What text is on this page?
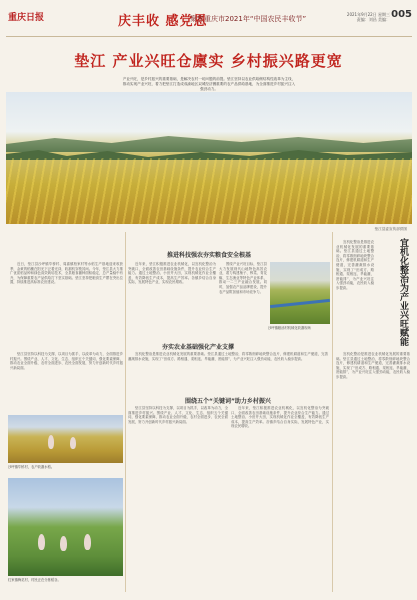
重庆日报	庆丰收 感党恩
聚焦重庆市2021年“中国农民丰收节”
2021年9月22日 星期三
责编：刘昌 美编： 005
垫江 产业兴旺仓廪实 乡村振兴路更宽
产业兴旺，是乡村振兴的重要基础，是解决农村一切问题的前提。垫江坚持以农业供给侧结构性改革为主线，推动实现产业兴旺，着力把垫江打造成成渝地区双城经济圈重要的农产品供给基地，为全面推进乡村振兴注入强劲动力。
垫江县委宣传部供图
推进科技强农夯实粮食安全根基
近日，垫江县沙坪镇毕桥村、周嘉镇柏家村等水稻生产基地迎来收获季，金黄的稻穗在阳光下泛着光泽，收割机穿梭其间。今年，垫江县大力推广优质稻品种和绿色高效栽培技术，全县粮食播种面积稳定，总产量稳中有升，为保障重要农产品供给打下坚实基础。垫江坚持把粮食生产摆在突出位置，持续推进高标准农田建设。
近年来，垫江积极推进农业机械化，以宜机化整治为突破口，全面改善农田基础设施条件，提升农业综合生产能力。通过土地整治、小田并大田，实现机械化作业全覆盖，有效降低生产成本，提高生产效率。各镇乡结合自身实际，发展特色产业，实现农民增收。
围绕产业兴旺目标，垫江县大力发展现代山地特色高效农业，着力构建柚子、榨菜、青花椒、生态渔业等特色产业体系，推动一二三产业融合发展。同时，加强农产品品牌建设，提升农产品附加值和市场竞争力。
沙坪镇粮油村机械化收割现场
夯实农业基础强化产业支撑
垫江县坚持以科技为支撑，以项目为抓手，以改革为动力，全面推进乡村振兴。围绕产业、人才、文化、生态、组织五个关键词，强化要素保障，推动农业全面升级、农村全面进步、农民全面发展，努力开创新时代乡村振兴新局面。
宜机化整治是推进农业机械化发展的重要基础。垫江县通过土地整治，将零散细碎地块整合连片，修建机耕道和生产便道，完善灌溉排水设施，实现了“田成方、路相通、渠相连、旱能灌、涝能排”，为产业兴旺注入强劲动能，农民收入稳步提高。
围绕五个“关键词”助力乡村振兴
垫江县坚持以科技为支撑，以项目为抓手，以改革为动力，全面推进乡村振兴。围绕产业、人才、文化、生态、组织五个关键词，强化要素保障，推动农业全面升级、农村全面进步、农民全面发展，努力开创新时代乡村振兴新局面。
近年来，垫江积极推进农业机械化，以宜机化整治为突破口，全面改善农田基础设施条件，提升农业综合生产能力。通过土地整治、小田并大田，实现机械化作业全覆盖，有效降低生产成本，提高生产效率。各镇乡结合自身实际，发展特色产业，实现农民增收。
沙坪镇毕桥村，农户收割水稻。
杠家镇梅花村，村民正在分拣稻谷。
宜机化整治是推进农业机械化发展的重要基础。垫江县通过土地整治，将零散细碎地块整合连片，修建机耕道和生产便道，完善灌溉排水设施，实现了“田成方、路相通、渠相连、旱能灌、涝能排”，为产业兴旺注入强劲动能，农民收入稳步提高。	宜机化整治为产业兴旺赋能
宜机化整治是推进农业机械化发展的重要基础。垫江县通过土地整治，将零散细碎地块整合连片，修建机耕道和生产便道，完善灌溉排水设施，实现了“田成方、路相通、渠相连、旱能灌、涝能排”，为产业兴旺注入强劲动能，农民收入稳步提高。
